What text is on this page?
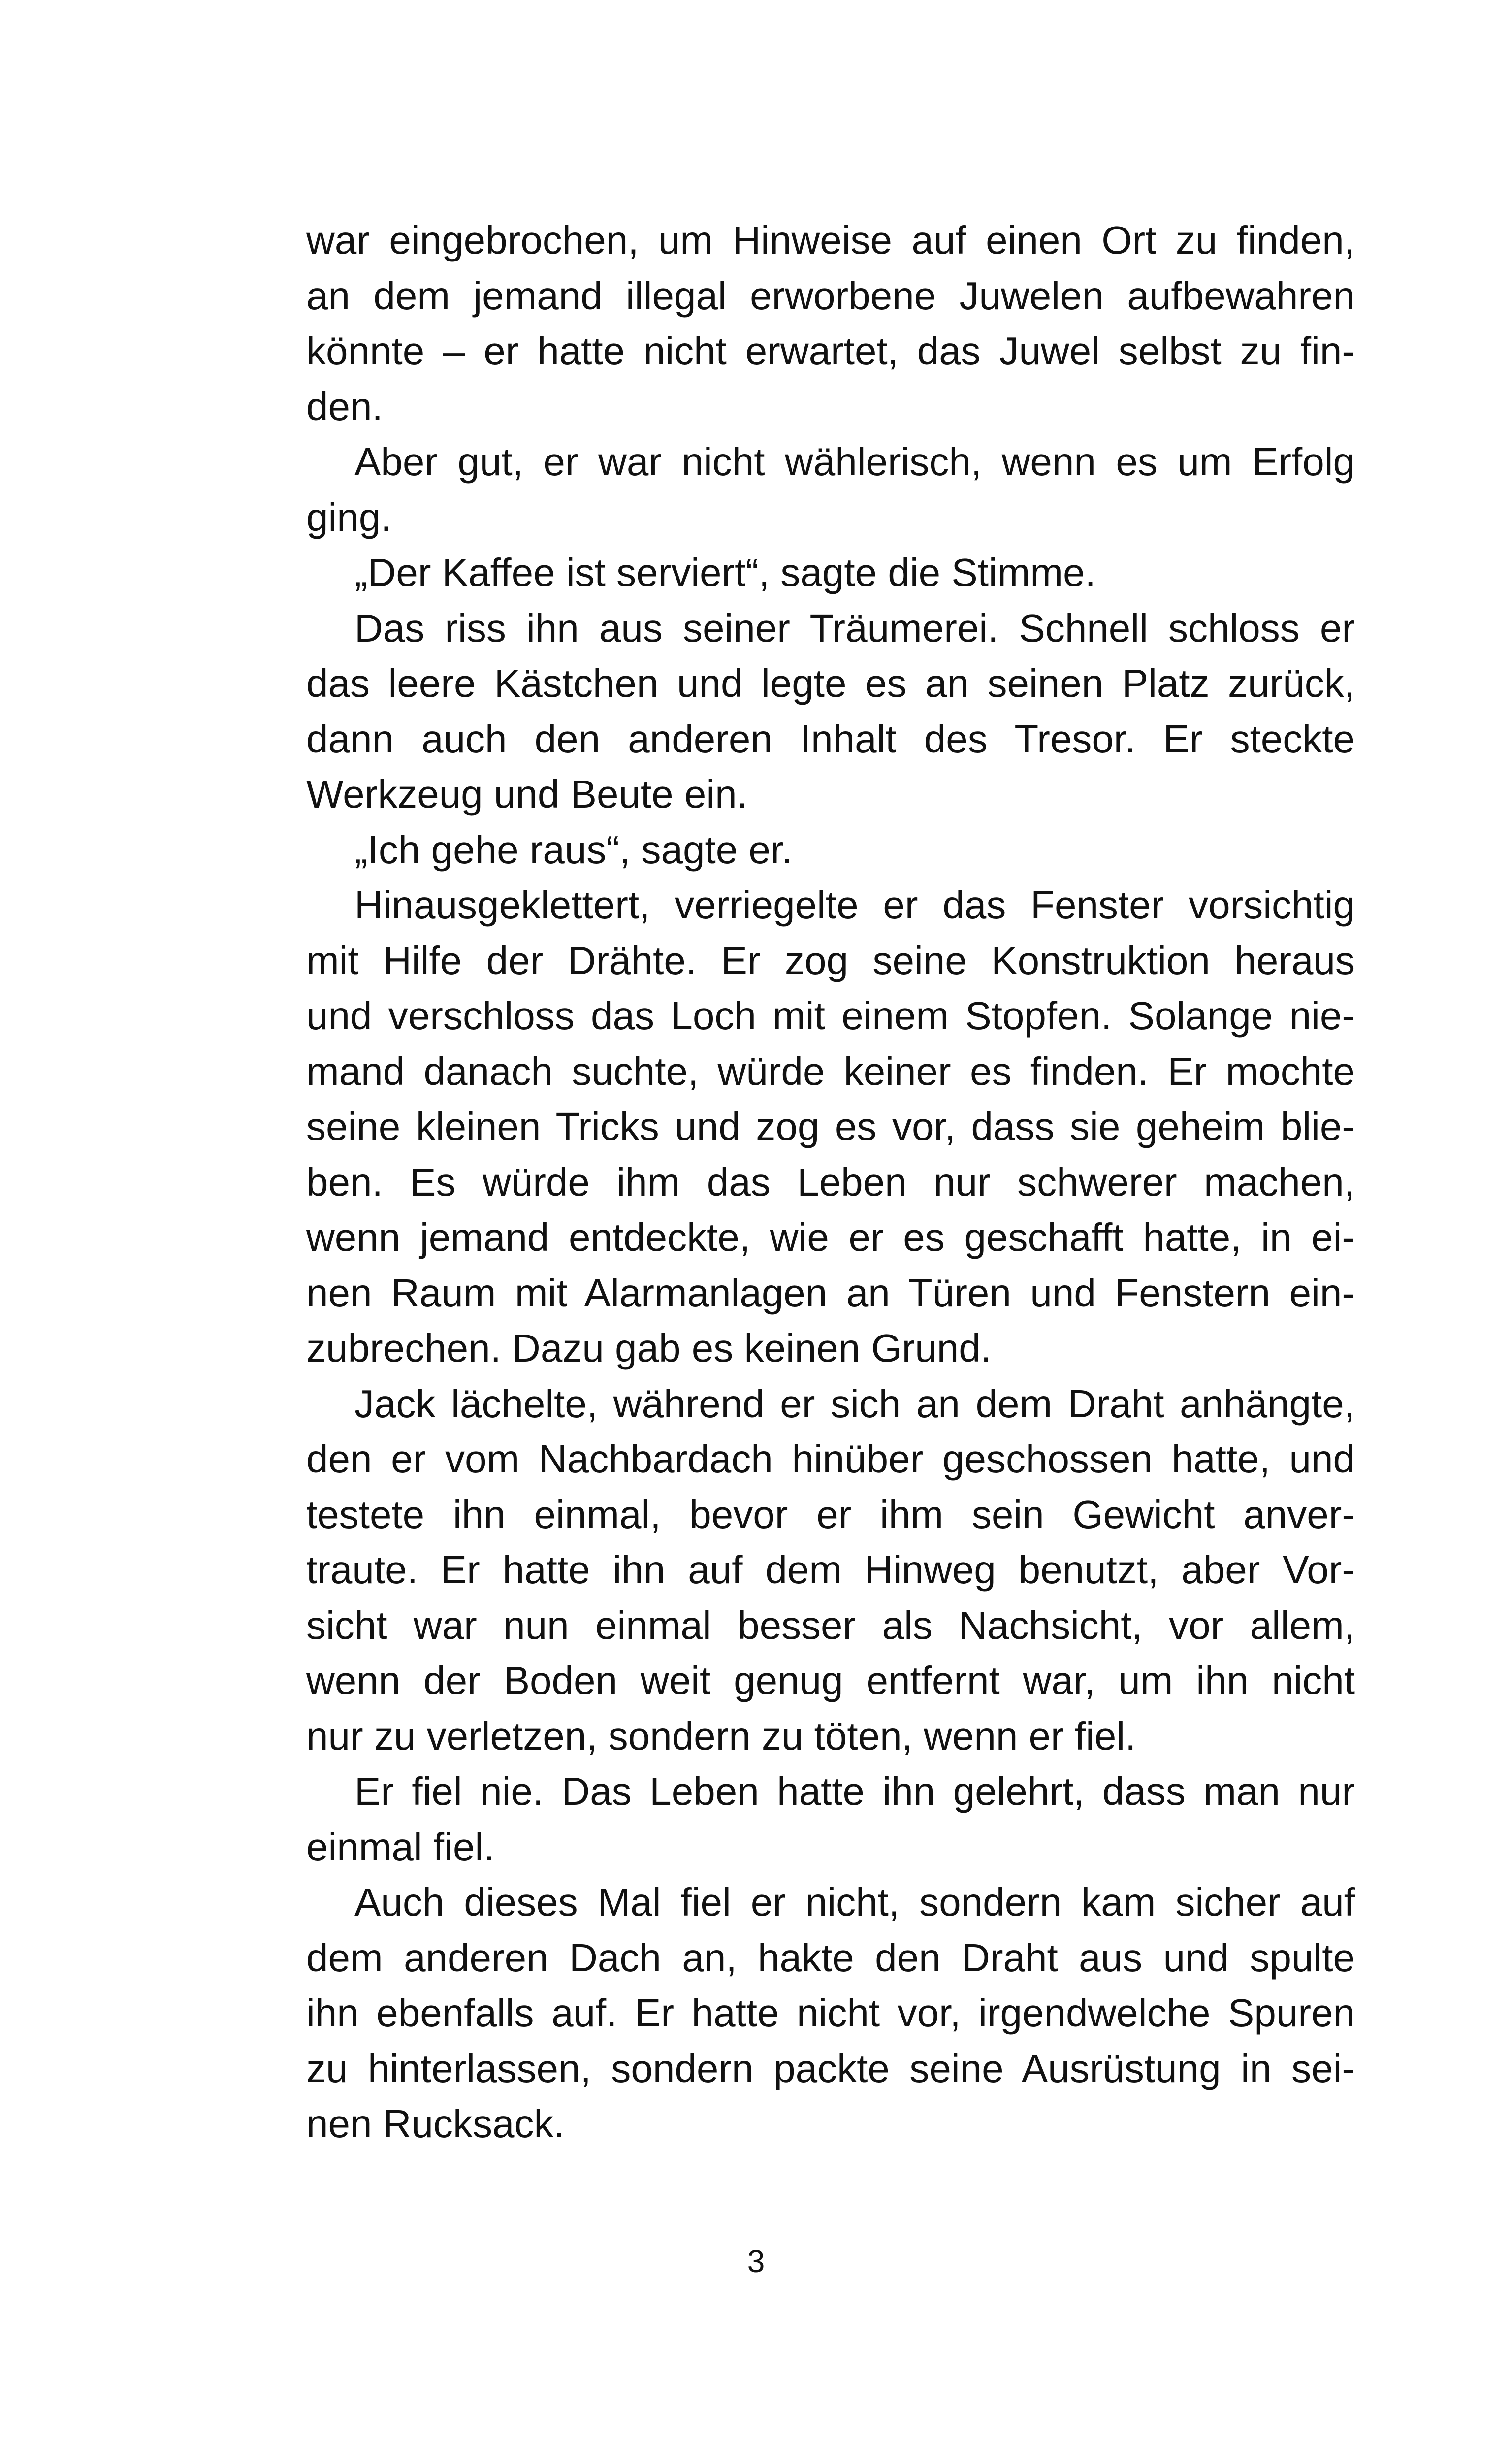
war eingebrochen, um Hinweise auf einen Ort zu finden,
an dem jemand illegal erworbene Juwelen aufbewahren
könnte – er hatte nicht erwartet, das Juwel selbst zu fin-
den.
Aber gut, er war nicht wählerisch, wenn es um Erfolg
ging.
„Der Kaffee ist serviert“, sagte die Stimme.
Das riss ihn aus seiner Träumerei. Schnell schloss er
das leere Kästchen und legte es an seinen Platz zurück,
dann auch den anderen Inhalt des Tresor. Er steckte
Werkzeug und Beute ein.
„Ich gehe raus“, sagte er.
Hinausgeklettert, verriegelte er das Fenster vorsichtig
mit Hilfe der Drähte. Er zog seine Konstruktion heraus
und verschloss das Loch mit einem Stopfen. Solange nie-
mand danach suchte, würde keiner es finden. Er mochte
seine kleinen Tricks und zog es vor, dass sie geheim blie-
ben. Es würde ihm das Leben nur schwerer machen,
wenn jemand entdeckte, wie er es geschafft hatte, in ei-
nen Raum mit Alarmanlagen an Türen und Fenstern ein-
zubrechen. Dazu gab es keinen Grund.
Jack lächelte, während er sich an dem Draht anhängte,
den er vom Nachbardach hinüber geschossen hatte, und
testete ihn einmal, bevor er ihm sein Gewicht anver-
traute. Er hatte ihn auf dem Hinweg benutzt, aber Vor-
sicht war nun einmal besser als Nachsicht, vor allem,
wenn der Boden weit genug entfernt war, um ihn nicht
nur zu verletzen, sondern zu töten, wenn er fiel.
Er fiel nie. Das Leben hatte ihn gelehrt, dass man nur
einmal fiel.
Auch dieses Mal fiel er nicht, sondern kam sicher auf
dem anderen Dach an, hakte den Draht aus und spulte
ihn ebenfalls auf. Er hatte nicht vor, irgendwelche Spuren
zu hinterlassen, sondern packte seine Ausrüstung in sei-
nen Rucksack.
3
